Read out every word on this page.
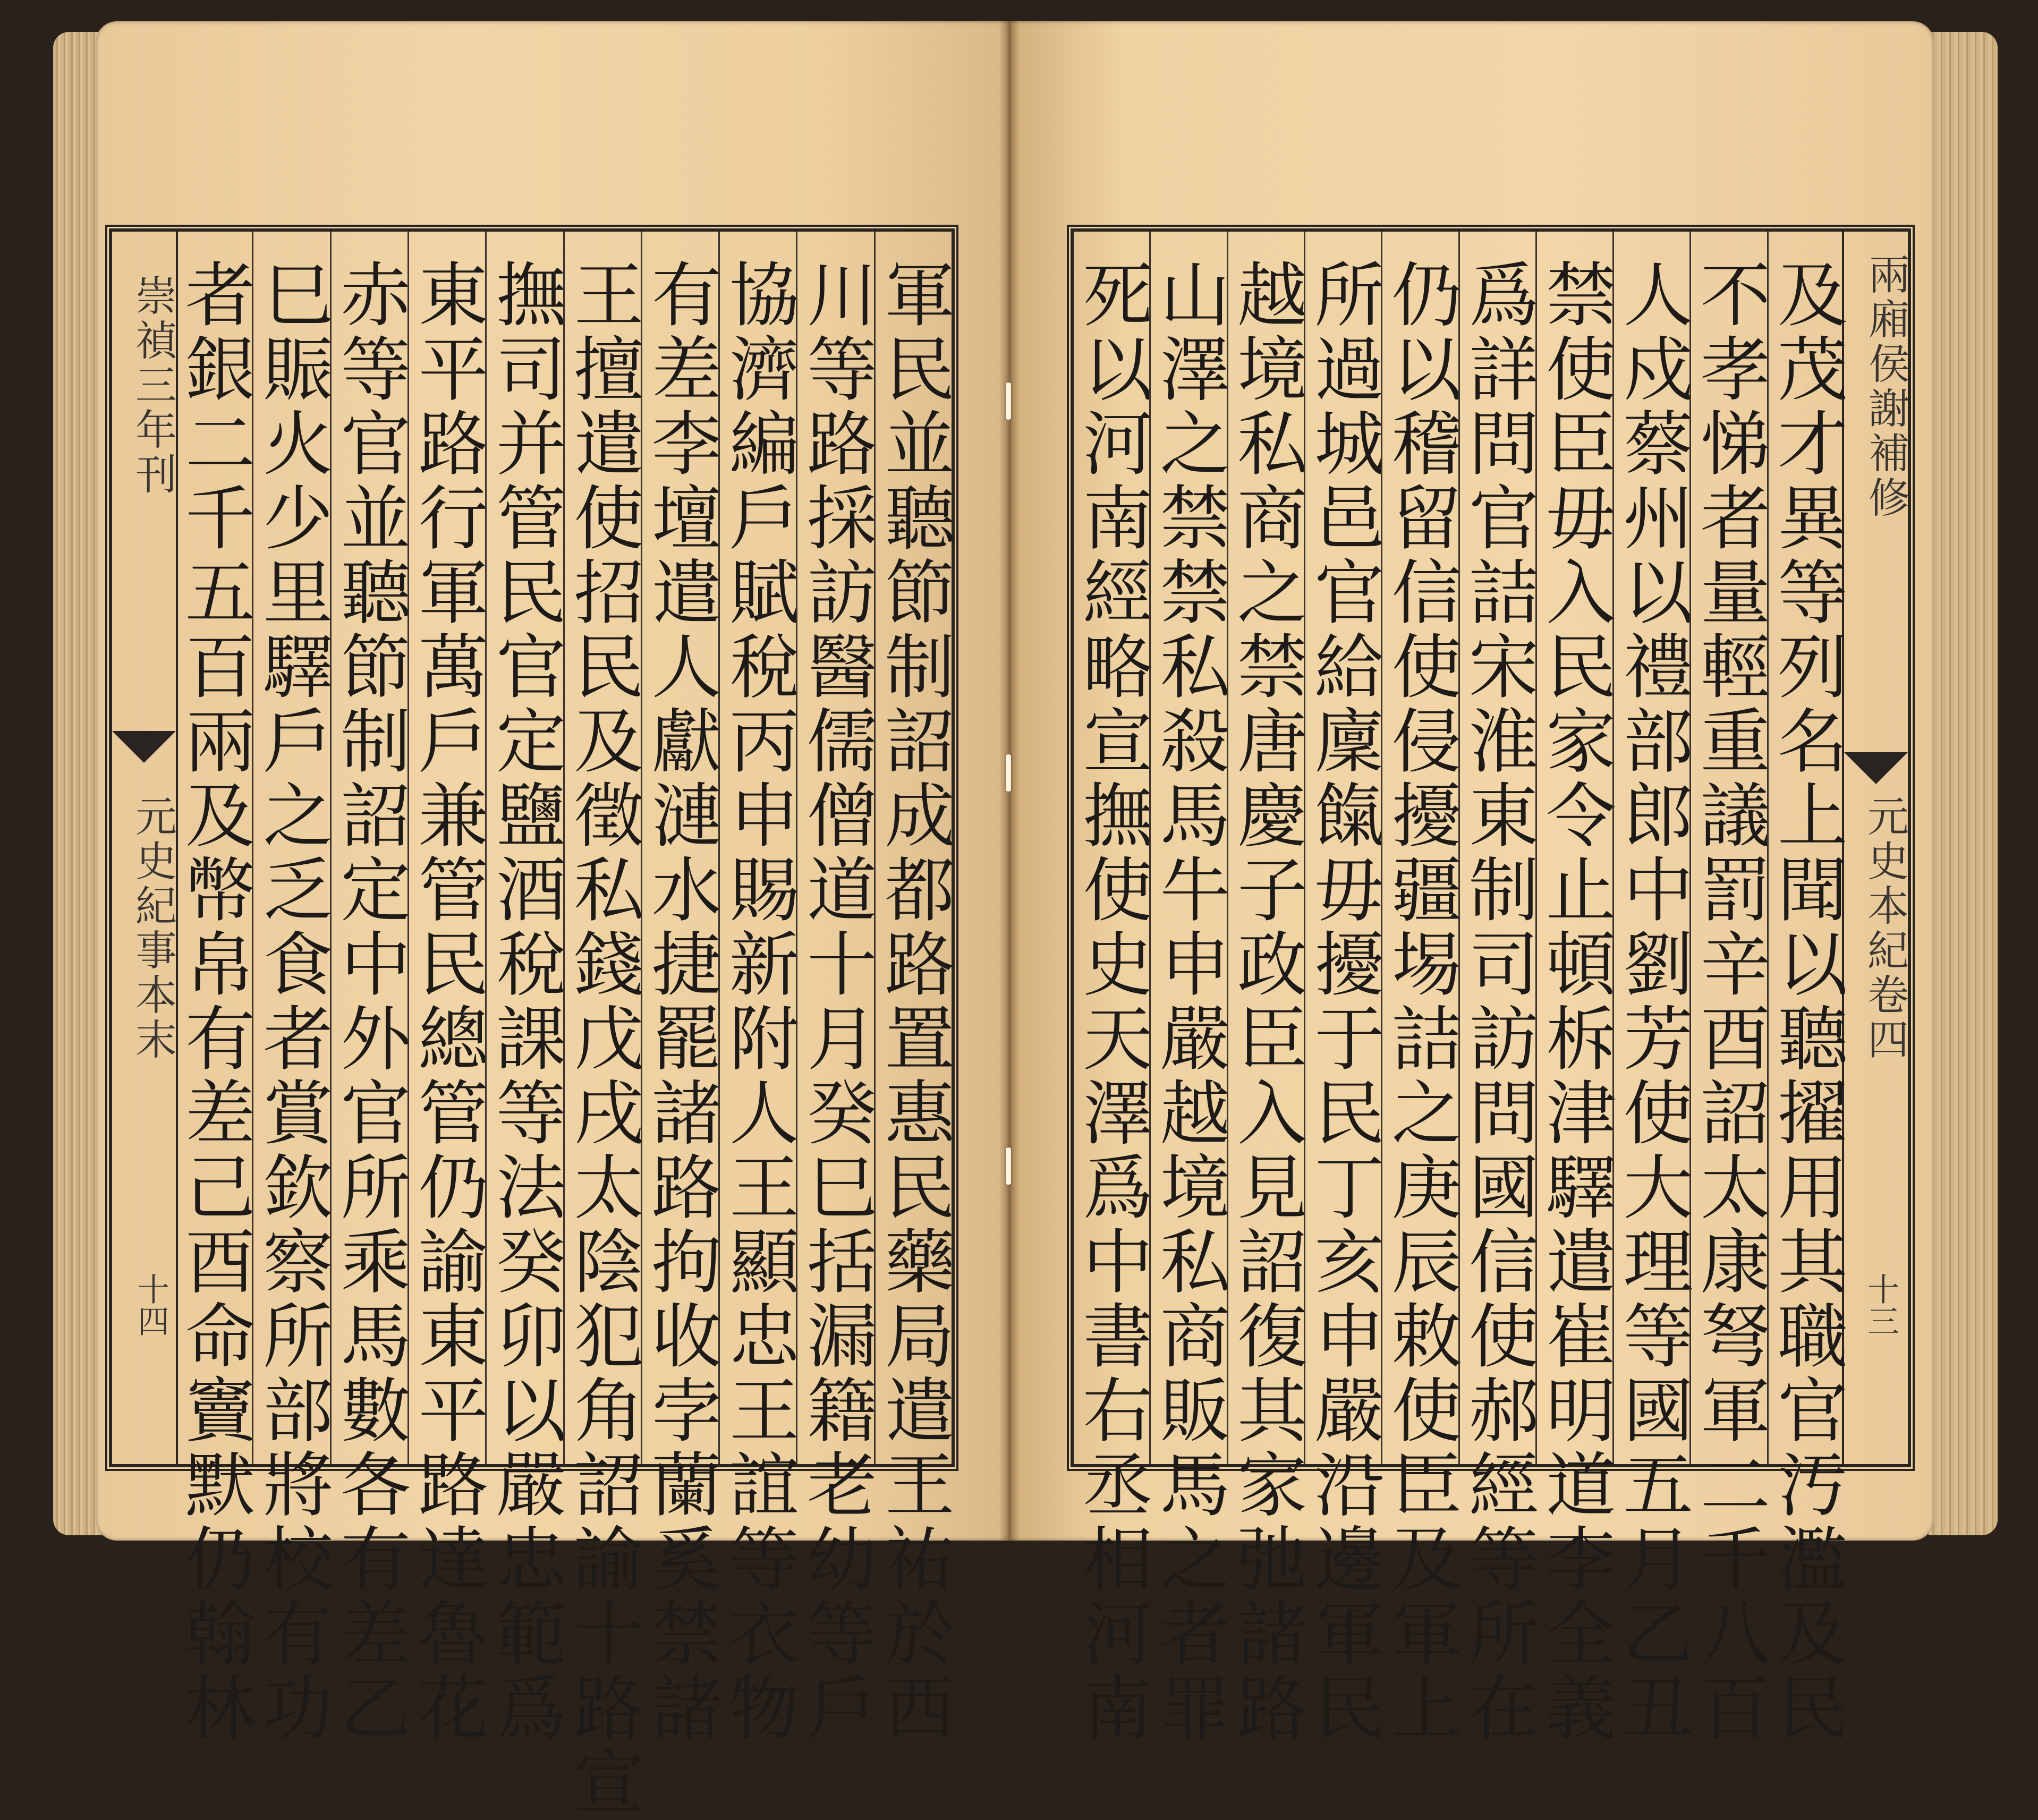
崇禎三年刊
元史紀事本末
十四	軍民並聽節制詔成都路置惠民藥局遣王祐於西
川等路採訪醫儒僧道十月癸巳括漏籍老幼等戶
協濟編戶賦稅丙申賜新附人王顯忠王誼等衣物
有差李壇遣人獻漣水捷罷諸路拘收孛蘭奚禁諸
王擅遣使招民及徵私錢戊戌太陰犯角詔諭十路宣
撫司并管民官定鹽酒稅課等法癸卯以嚴忠範爲
東平路行軍萬戶兼管民總管仍諭東平路達魯花
赤等官並聽節制詔定中外官所乘馬數各有差乙
巳賑火少里驛戶之乏食者賞欽察所部將校有功
者銀二千五百兩及幣帛有差己酉命竇默仍翰林	兩廂侯謝補修
元史本紀卷四
十三
及茂才異等列名上聞以聽擢用其職官汚濫及民
不孝悌者量輕重議罰辛酉詔太康弩軍二千八百
人戍蔡州以禮部郎中劉芳使大理等國五月乙丑
禁使臣毋入民家令止頓柝津驛遣崔明道李全義
爲詳問官詰宋淮東制司訪問國信使郝經等所在
仍以稽留信使侵擾疆埸詰之庚辰敕使臣及軍上
所過城邑官給廩餼毋擾于民丁亥申嚴沿邊軍民
越境私商之禁唐慶子政臣入見詔復其家弛諸路
山澤之禁禁私殺馬牛申嚴越境私商販馬之者罪
死以河南經略宣撫使史天澤爲中書右丞相河南
